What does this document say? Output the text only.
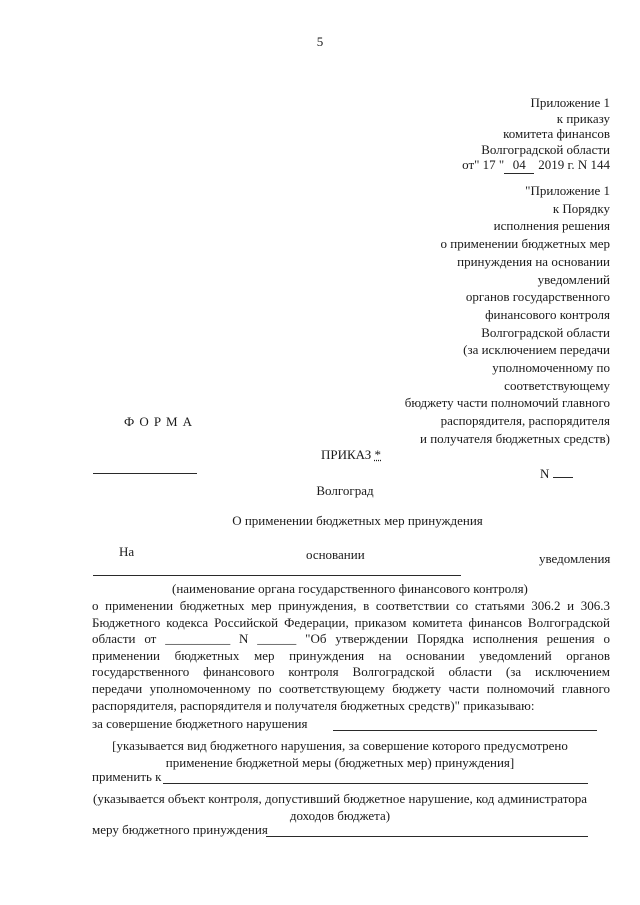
5
Приложение 1
к приказу
комитета финансов
Волгоградской области
от" 17 " 04 2019 г. N 144
"Приложение 1
к Порядку
исполнения решения
о применении бюджетных мер
принуждения на основании
уведомлений
органов государственного
финансового контроля
Волгоградской области
(за исключением передачи
уполномоченному по
соответствующему
бюджету части полномочий главного
распорядителя, распорядителя
и получателя бюджетных средств)
ФОРМА
ПРИКАЗ *
N
Волгоград
О применении бюджетных мер принуждения
На	основании	уведомления
(наименование органа государственного финансового контроля)
о применении бюджетных мер принуждения, в соответствии со статьями 306.2 и 306.3
Бюджетного кодекса Российской Федерации, приказом комитета финансов Волгоградской
области от __________ N ______ "Об утверждении Порядка исполнения решения о
применении бюджетных мер принуждения на основании уведомлений органов
государственного финансового контроля Волгоградской области (за исключением
передачи уполномоченному по соответствующему бюджету части полномочий главного
распорядителя, распорядителя и получателя бюджетных средств)" приказываю:
за совершение бюджетного нарушения
[указывается вид бюджетного нарушения, за совершение которого предусмотрено
применение бюджетной меры (бюджетных мер) принуждения]
применить к
(указывается объект контроля, допустивший бюджетное нарушение, код администратора
доходов бюджета)
меру бюджетного принуждения
